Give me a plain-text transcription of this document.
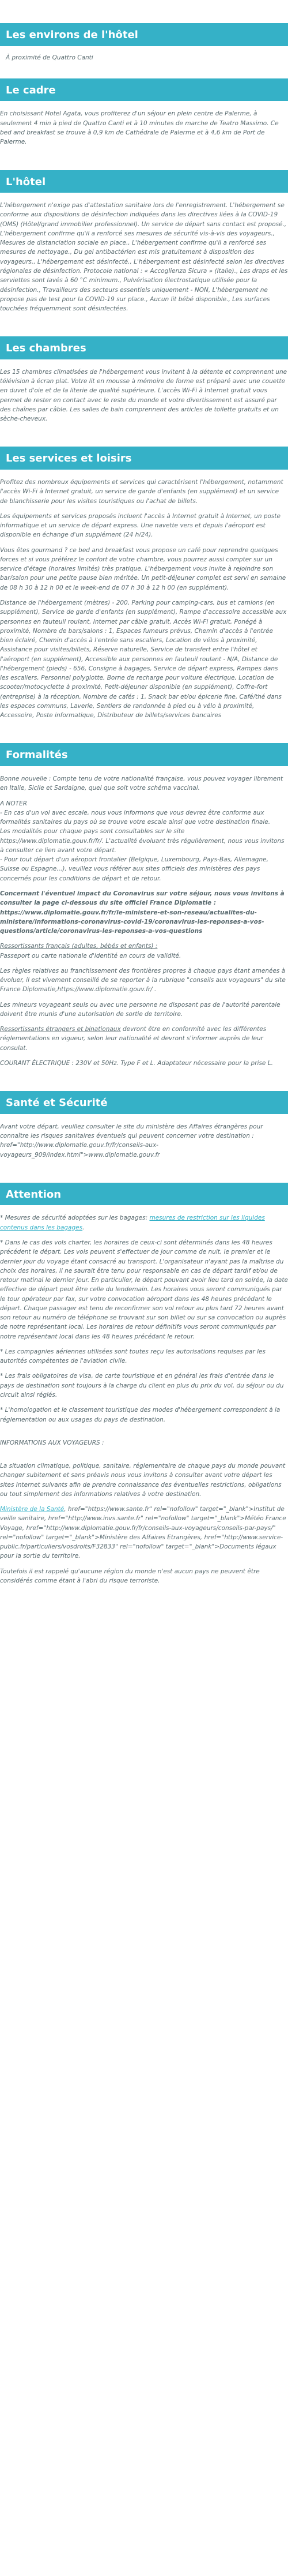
Les environs de l'hôtel
À proximité de Quattro Canti
Le cadre

En choisissant Hotel Agata, vous profiterez d'un séjour en plein centre de Palerme, à seulement 4 min à pied de Quattro Canti et à 10 minutes de marche de Teatro Massimo. Ce bed and breakfast se trouve à 0,9 km de Cathédrale de Palerme et à 4,6 km de Port de Palerme.

L'hôtel

L'hébergement n'exige pas d'attestation sanitaire lors de l'enregistrement. L'hébergement se conforme aux dispositions de désinfection indiquées dans les directives liées à la COVID-19 (OMS) (Hôtel/grand immobilier professionnel). Un service de départ sans contact est proposé., L'hébergement confirme qu'il a renforcé ses mesures de sécurité vis-à-vis des voyageurs., Mesures de distanciation sociale en place., L'hébergement confirme qu'il a renforcé ses mesures de nettoyage., Du gel antibactérien est mis gratuitement à disposition des voyageurs., L'hébergement est désinfecté., L'hébergement est désinfecté selon les directives régionales de désinfection. Protocole national : « Accoglienza Sicura » (Italie)., Les draps et les serviettes sont lavés à 60 °C minimum., Pulvérisation électrostatique utilisée pour la désinfection., Travailleurs des secteurs essentiels uniquement - NON, L'hébergement ne propose pas de test pour la COVID-19 sur place., Aucun lit bébé disponible., Les surfaces touchées fréquemment sont désinfectées.

Les chambres

Les 15 chambres climatisées de l'hébergement vous invitent à la détente et comprennent une télévision à écran plat. Votre lit en mousse à mémoire de forme est préparé avec une couette en duvet d'oie et de la literie de qualité supérieure. L'accès Wi-Fi à Internet gratuit vous permet de rester en contact avec le reste du monde et votre divertissement est assuré par des chaînes par câble. Les salles de bain comprennent des articles de toilette gratuits et un sèche-cheveux.

Les services et loisirs

Profitez des nombreux équipements et services qui caractérisent l'hébergement, notamment l'accès Wi-Fi à Internet gratuit, un service de garde d'enfants (en supplément) et un service de blanchisserie pour les visites touristiques ou l'achat de billets.

Les équipements et services proposés incluent l'accès à Internet gratuit à Internet, un poste informatique et un service de départ express. Une navette vers et depuis l'aéroport est disponible en échange d'un supplément (24 h/24).

Vous êtes gourmand ? ce bed and breakfast vous propose un café pour reprendre quelques forces et si vous préférez le confort de votre chambre, vous pourrez aussi compter sur un service d'étage (horaires limités) très pratique. L'hébergement vous invite à rejoindre son bar/salon pour une petite pause bien méritée. Un petit-déjeuner complet est servi en semaine de 08 h 30 à 12 h 00 et le week-end de 07 h 30 à 12 h 00 (en supplément).

Distance de l'hébergement (mètres) - 200, Parking pour camping-cars, bus et camions (en supplément), Service de garde d'enfants (en supplément), Rampe d'accessoire accessible aux personnes en fauteuil roulant, Internet par câble gratuit, Accès Wi-Fi gratuit, Ponégé à proximité, Nombre de bars/salons : 1, Espaces fumeurs prévus, Chemin d'accès à l'entrée bien éclairé, Chemin d'accès à l'entrée sans escaliers, Location de vélos à proximité, Assistance pour visites/billets, Réserve naturelle, Service de transfert entre l'hôtel et l'aéroport (en supplément), Accessible aux personnes en fauteuil roulant - N/A, Distance de l'hébergement (pieds) - 656, Consigne à bagages, Service de départ express, Rampes dans les escaliers, Personnel polyglotte, Borne de recharge pour voiture électrique, Location de scooter/motocyclette à proximité, Petit-déjeuner disponible (en supplément), Coffre-fort (entreprise) à la réception, Nombre de cafés : 1, Snack bar et/ou épicerie fine, Café/thé dans les espaces communs, Laverie, Sentiers de randonnée à pied ou à vélo à proximité, Accessoire, Poste informatique, Distributeur de billets/services bancaires

Formalités

Bonne nouvelle : Compte tenu de votre nationalité française, vous pouvez voyager librement en Italie, Sicile et Sardaigne, quel que soit votre schéma vaccinal.

A NOTER

- En cas d'un vol avec escale, nous vous informons que vous devrez être conforme aux formalités sanitaires du pays où se trouve votre escale ainsi que votre destination finale.

Les modalités pour chaque pays sont consultables sur le site https://www.diplomatie.gouv.fr/fr/. L'actualité évoluant très régulièrement, nous vous invitons à consulter ce lien avant votre départ.

- Pour tout départ d'un aéroport frontalier (Belgique, Luxembourg, Pays-Bas, Allemagne, Suisse ou Espagne...), veuillez vous référer aux sites officiels des ministères des pays concernés pour les conditions de départ et de retour.

Concernant l'éventuel impact du Coronavirus sur votre séjour, nous vous invitons à consulter la page ci-dessous du site officiel France Diplomatie : https://www.diplomatie.gouv.fr/fr/le-ministere-et-son-reseau/actualites-du-ministere/informations-coronavirus-covid-19/coronavirus-les-reponses-a-vos-questions/article/coronavirus-les-reponses-a-vos-questions

Ressortissants français (adultes, bébés et enfants) :

Passeport ou carte nationale d'identité en cours de validité.

Les règles relatives au franchissement des frontières propres à chaque pays étant amenées à évoluer, il est vivement conseillé de se reporter à la rubrique "conseils aux voyageurs" du site France Diplomatie,https://www.diplomatie.gouv.fr/ .

Les mineurs voyageant seuls ou avec une personne ne disposant pas de l'autorité parentale doivent être munis d'une autorisation de sortie de territoire.

Ressortissants étrangers et binationaux devront être en conformité avec les différentes réglementations en vigueur, selon leur nationalité et devront s'informer auprès de leur consulat.

COURANT ÉLECTRIQUE : 230V et 50Hz. Type F et L. Adaptateur nécessaire pour la prise L.

Santé et Sécurité

Avant votre départ, veuillez consulter le site du ministère des Affaires étrangères pour connaître les risques sanitaires éventuels qui peuvent concerner votre destination : href="http://www.diplomatie.gouv.fr/fr/conseils-aux-voyageurs_909/index.html">www.diplomatie.gouv.fr

Attention

* Mesures de sécurité adoptées sur les bagages: mesures de restriction sur les liquides contenus dans les bagages.

* Dans le cas des vols charter, les horaires de ceux-ci sont déterminés dans les 48 heures précédent le départ. Les vols peuvent s'effectuer de jour comme de nuit, le premier et le dernier jour du voyage étant consacré au transport. L'organisateur n'ayant pas la maîtrise du choix des horaires, il ne saurait être tenu pour responsable en cas de départ tardif et/ou de retour matinal le dernier jour. En particulier, le départ pouvant avoir lieu tard en soirée, la date effective de départ peut être celle du lendemain. Les horaires vous seront communiqués par le tour opérateur par fax, sur votre convocation aéroport dans les 48 heures précédant le départ. Chaque passager est tenu de reconfirmer son vol retour au plus tard 72 heures avant son retour au numéro de téléphone se trouvant sur son billet ou sur sa convocation ou auprès de notre représentant local. Les horaires de retour définitifs vous seront communiqués par notre représentant local dans les 48 heures précédant le retour.

* Les compagnies aériennes utilisées sont toutes reçu les autorisations requises par les autorités compétentes de l'aviation civile.

* Les frais obligatoires de visa, de carte touristique et en général les frais d'entrée dans le pays de destination sont toujours à la charge du client en plus du prix du vol, du séjour ou du circuit ainsi réglés.

* L'homologation et le classement touristique des modes d'hébergement correspondent à la réglementation ou aux usages du pays de destination.

INFORMATIONS AUX VOYAGEURS :

La situation climatique, politique, sanitaire, réglementaire de chaque pays du monde pouvant changer subitement et sans préavis nous vous invitons à consulter avant votre départ les sites Internet suivants afin de prendre connaissance des éventuelles restrictions, obligations ou tout simplement des informations relatives à votre destination.

Ministère de la Santé, href="https://www.sante.fr" rel="nofollow" target="_blank">Institut de veille sanitaire, href="http://www.invs.sante.fr" rel="nofollow" target="_blank">Météo France Voyage, href="http://www.diplomatie.gouv.fr/fr/conseils-aux-voyageurs/conseils-par-pays/" rel="nofollow" target="_blank">Ministère des Affaires Etrangères, href="http://www.service-public.fr/particuliers/vosdroits/F32833" rel="nofollow" target="_blank">Documents légaux pour la sortie du territoire.

Toutefois il est rappelé qu'aucune région du monde n'est aucun pays ne peuvent être considérés comme étant à l'abri du risque terroriste.
